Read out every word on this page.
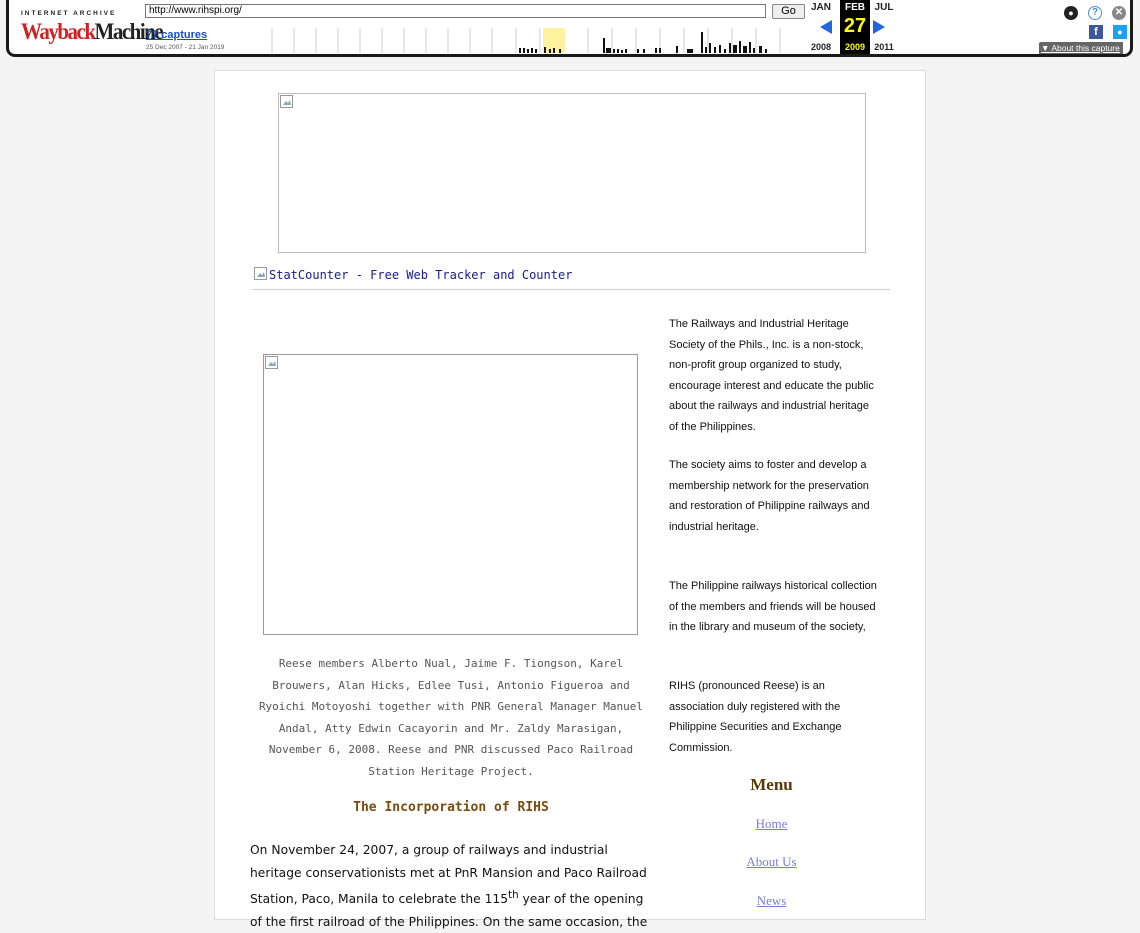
INTERNET ARCHIVE
WaybackMachine
http://www.rihspi.org/	Go
77 captures
25 Dec 2007 - 21 Jan 2019
JAN
2008
FEB
27
2009
JUL
2011
●	?	✕
f	●
▼ About this capture
StatCounter - Free Web Tracker and Counter
Reese members Alberto Nual, Jaime F. Tiongson, Karel Brouwers, Alan Hicks, Edlee Tusi, Antonio Figueroa and Ryoichi Motoyoshi together with PNR General Manager Manuel Andal, Atty Edwin Cacayorin and Mr. Zaldy Marasigan, November 6, 2008. Reese and PNR discussed Paco Railroad Station Heritage Project.
The Incorporation of RIHS
On November 24, 2007, a group of railways and industrial heritage conservationists met at PnR Mansion and Paco Railroad Station, Paco, Manila to celebrate the 115th year of the opening of the first railroad of the Philippines. On the same occasion, the
The Railways and Industrial Heritage Society of the Phils., Inc. is a non-stock, non-profit group organized to study, encourage interest and educate the public about the railways and industrial heritage of the Philippines.
The society aims to foster and develop a membership network for the preservation and restoration of Philippine railways and industrial heritage.
The Philippine railways historical collection of the members and friends will be housed in the library and museum of the society,
RIHS (pronounced Reese) is an association duly registered with the Philippine Securities and Exchange Commission.
Menu
Home
About Us
News
